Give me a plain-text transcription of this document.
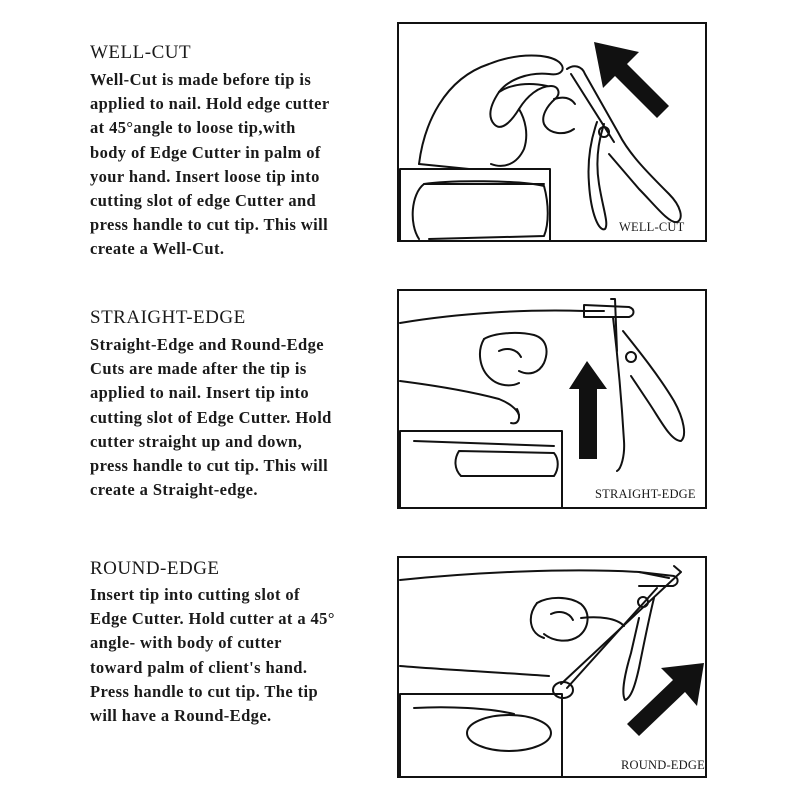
WELL-CUT
Well-Cut is made before tip is
applied to nail. Hold edge cutter
at 45°angle to loose tip,with
body of Edge Cutter in palm of
your hand. Insert loose tip into
cutting slot of edge Cutter and
press handle to cut tip. This will
create a Well-Cut.
WELL-CUT
STRAIGHT-EDGE
Straight-Edge and Round-Edge
Cuts are made after the tip is
applied to nail. Insert tip into
cutting slot of Edge Cutter. Hold
cutter straight up and down,
press handle to cut tip. This will
create a Straight-edge.	STRAIGHT-EDGE
ROUND-EDGE
Insert tip into cutting slot of
Edge Cutter. Hold cutter at a 45°
angle- with body of cutter
toward palm of client's hand.
Press handle to cut tip. The tip
will have a Round-Edge.
ROUND-EDGE
